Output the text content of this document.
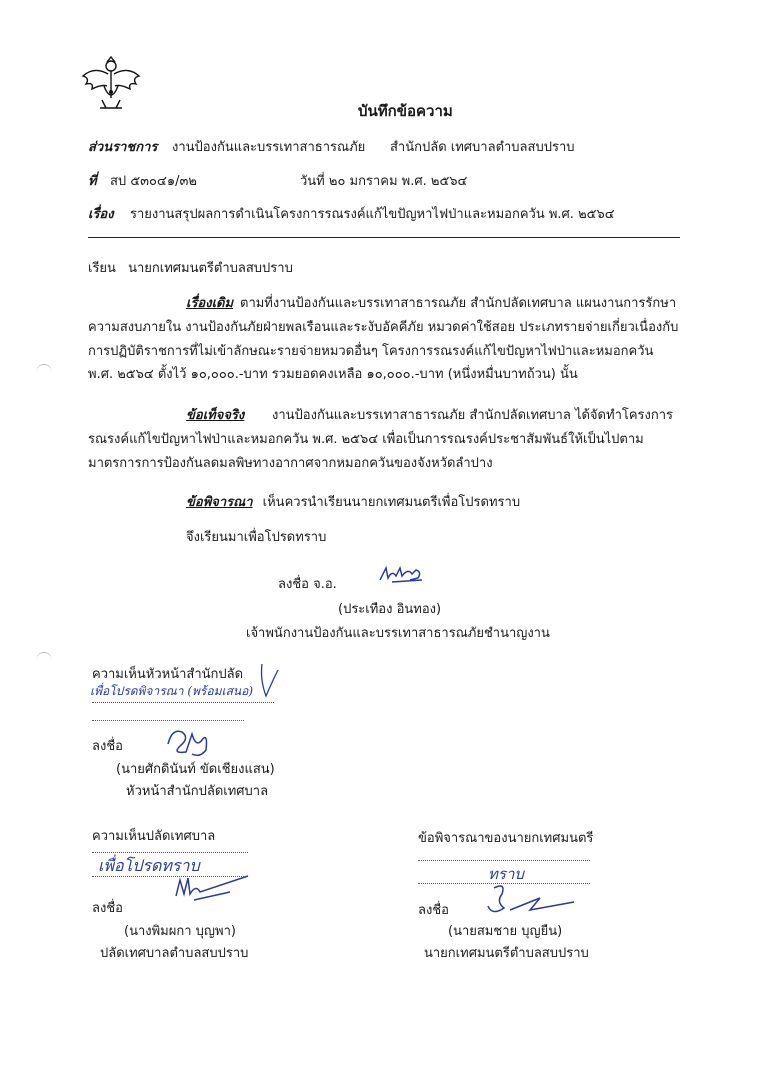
บันทึกข้อความ
ส่วนราชการ งานป้องกันและบรรเทาสาธารณภัย สำนักปลัด เทศบาลตำบลสบปราบ
ที่ สป ๕๓๐๔๑/๓๒	วันที่ ๒๐ มกราคม พ.ศ. ๒๕๖๔
เรื่อง รายงานสรุปผลการดำเนินโครงการรณรงค์แก้ไขปัญหาไฟป่าและหมอกควัน พ.ศ. ๒๕๖๔
เรียน นายกเทศมนตรีตำบลสบปราบ
เรื่องเดิม ตามที่งานป้องกันและบรรเทาสาธารณภัย สำนักปลัดเทศบาล แผนงานการรักษา
ความสงบภายใน งานป้องกันภัยฝ่ายพลเรือนและระงับอัคคีภัย หมวดค่าใช้สอย ประเภทรายจ่ายเกี่ยวเนื่องกับ
การปฏิบัติราชการที่ไม่เข้าลักษณะรายจ่ายหมวดอื่นๆ โครงการรณรงค์แก้ไขปัญหาไฟป่าและหมอกควัน
พ.ศ. ๒๕๖๔ ตั้งไว้ ๑๐,๐๐๐.-บาท รวมยอดคงเหลือ ๑๐,๐๐๐.-บาท (หนึ่งหมื่นบาทถ้วน) นั้น
ข้อเท็จจริง งานป้องกันและบรรเทาสาธารณภัย สำนักปลัดเทศบาล ได้จัดทำโครงการ
รณรงค์แก้ไขปัญหาไฟป่าและหมอกควัน พ.ศ. ๒๕๖๔ เพื่อเป็นการรณรงค์ประชาสัมพันธ์ให้เป็นไปตาม
มาตรการการป้องกันลดมลพิษทางอากาศจากหมอกควันของจังหวัดลำปาง
ข้อพิจารณา เห็นควรนำเรียนนายกเทศมนตรีเพื่อโปรดทราบ
จึงเรียนมาเพื่อโปรดทราบ
ลงชื่อ จ.อ.
(ประเทือง อินทอง)
เจ้าพนักงานป้องกันและบรรเทาสาธารณภัยชำนาญงาน
ความเห็นหัวหน้าสำนักปลัด
เพื่อโปรดพิจารณา (พร้อมเสนอ)
ลงชื่อ
(นายศักดินันท์ ขัดเชียงแสน)
หัวหน้าสำนักปลัดเทศบาล
ความเห็นปลัดเทศบาล
เพื่อโปรดทราบ
ลงชื่อ
(นางพิมผกา บุญพา)
ปลัดเทศบาลตำบลสบปราบ
ข้อพิจารณาของนายกเทศมนตรี
ทราบ
ลงชื่อ
(นายสมชาย บุญยืน)
นายกเทศมนตรีตำบลสบปราบ
